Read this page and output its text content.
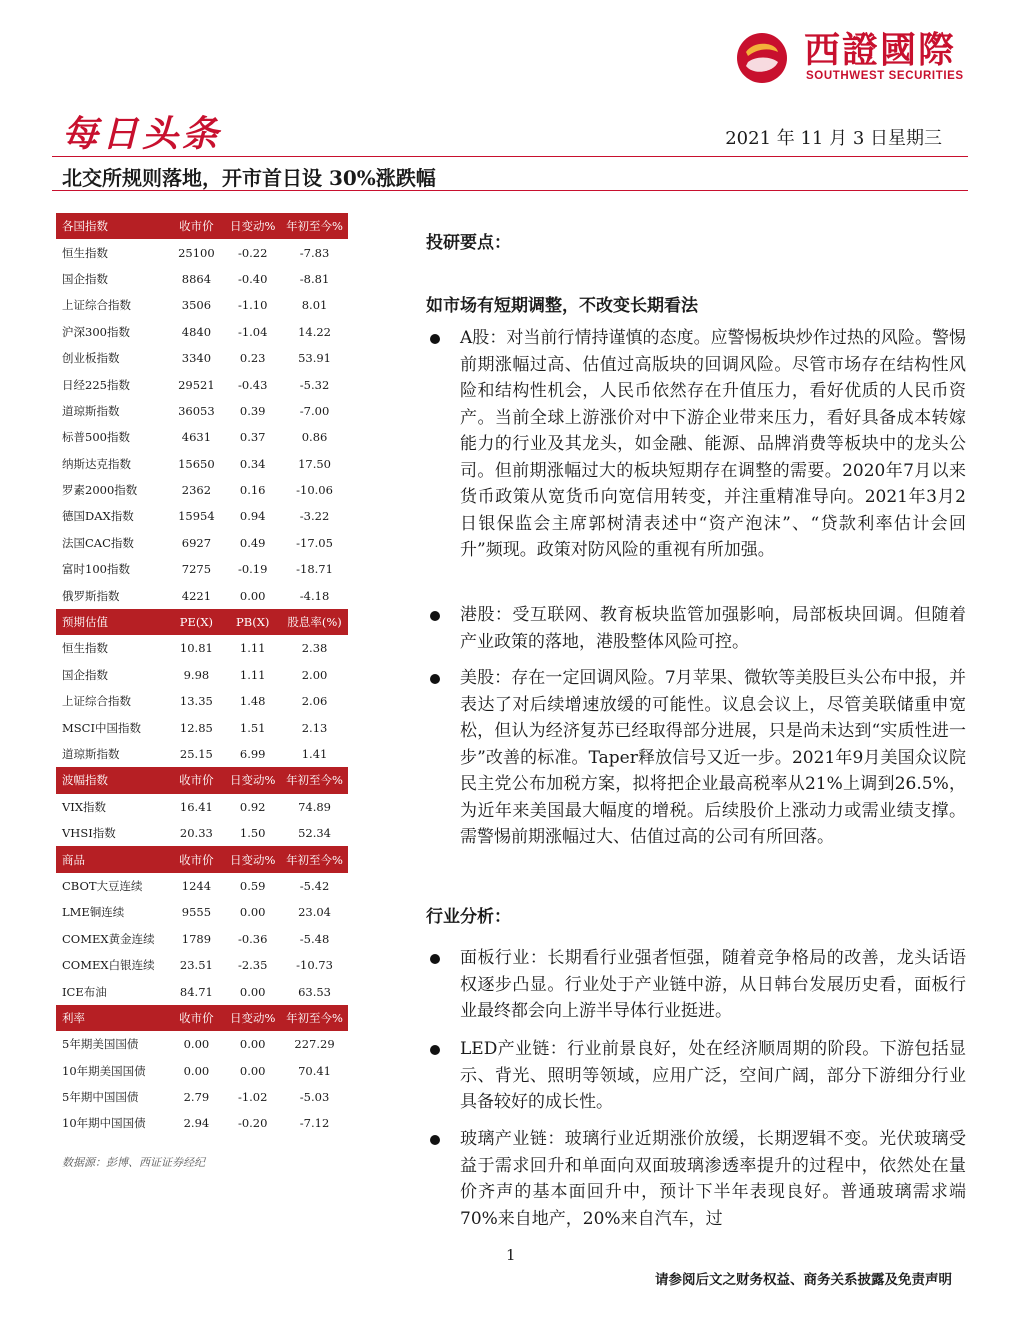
西證國際
SOUTHWEST SECURITIES
每日头条	2021 年 11 月 3 日星期三
北交所规则落地，开市首日设 30%涨跌幅
各国指数	收市价	日变动%	年初至今%
恒生指数	25100	-0.22	-7.83
国企指数	8864	-0.40	-8.81
上证综合指数	3506	-1.10	8.01
沪深300指数	4840	-1.04	14.22
创业板指数	3340	0.23	53.91
日经225指数	29521	-0.43	-5.32
道琼斯指数	36053	0.39	-7.00
标普500指数	4631	0.37	0.86
纳斯达克指数	15650	0.34	17.50
罗素2000指数	2362	0.16	-10.06
德国DAX指数	15954	0.94	-3.22
法国CAC指数	6927	0.49	-17.05
富时100指数	7275	-0.19	-18.71
俄罗斯指数	4221	0.00	-4.18
预期估值	PE(X)	PB(X)	股息率(%)
恒生指数	10.81	1.11	2.38
国企指数	9.98	1.11	2.00
上证综合指数	13.35	1.48	2.06
MSCI中国指数	12.85	1.51	2.13
道琼斯指数	25.15	6.99	1.41
波幅指数	收市价	日变动%	年初至今%
VIX指数	16.41	0.92	74.89
VHSI指数	20.33	1.50	52.34
商品	收市价	日变动%	年初至今%
CBOT大豆连续	1244	0.59	-5.42
LME铜连续	9555	0.00	23.04
COMEX黄金连续	1789	-0.36	-5.48
COMEX白银连续	23.51	-2.35	-10.73
ICE布油	84.71	0.00	63.53
利率	收市价	日变动%	年初至今%
5年期美国国债	0.00	0.00	227.29
10年期美国国债	0.00	0.00	70.41
5年期中国国债	2.79	-1.02	-5.03
10年期中国国债	2.94	-0.20	-7.12
数据源：彭博、西证证券经纪
投研要点：
如市场有短期调整，不改变长期看法
A股：对当前行情持谨慎的态度。应警惕板块炒作过热的风险。警惕前期涨幅过高、估值过高版块的回调风险。尽管市场存在结构性风险和结构性机会，人民币依然存在升值压力，看好优质的人民币资产。当前全球上游涨价对中下游企业带来压力，看好具备成本转嫁能力的行业及其龙头，如金融、能源、品牌消费等板块中的龙头公司。但前期涨幅过大的板块短期存在调整的需要。2020年7月以来货币政策从宽货币向宽信用转变，并注重精准导向。2021年3月2日银保监会主席郭树清表述中“资产泡沫”、“贷款利率估计会回升”频现。政策对防风险的重视有所加强。
港股：受互联网、教育板块监管加强影响，局部板块回调。但随着产业政策的落地，港股整体风险可控。
美股：存在一定回调风险。7月苹果、微软等美股巨头公布中报，并表达了对后续增速放缓的可能性。议息会议上，尽管美联储重申宽松，但认为经济复苏已经取得部分进展，只是尚未达到“实质性进一步”改善的标准。Taper释放信号又近一步。2021年9月美国众议院民主党公布加税方案，拟将把企业最高税率从21%上调到26.5%，为近年来美国最大幅度的增税。后续股价上涨动力或需业绩支撑。需警惕前期涨幅过大、估值过高的公司有所回落。
行业分析：
面板行业：长期看行业强者恒强，随着竞争格局的改善，龙头话语权逐步凸显。行业处于产业链中游，从日韩台发展历史看，面板行业最终都会向上游半导体行业挺进。
LED产业链：行业前景良好，处在经济顺周期的阶段。下游包括显示、背光、照明等领域，应用广泛，空间广阔，部分下游细分行业具备较好的成长性。
玻璃产业链：玻璃行业近期涨价放缓，长期逻辑不变。光伏玻璃受益于需求回升和单面向双面玻璃渗透率提升的过程中，依然处在量价齐声的基本面回升中，预计下半年表现良好。普通玻璃需求端70%来自地产，20%来自汽车，过
1
请参阅后文之财务权益、商务关系披露及免责声明
